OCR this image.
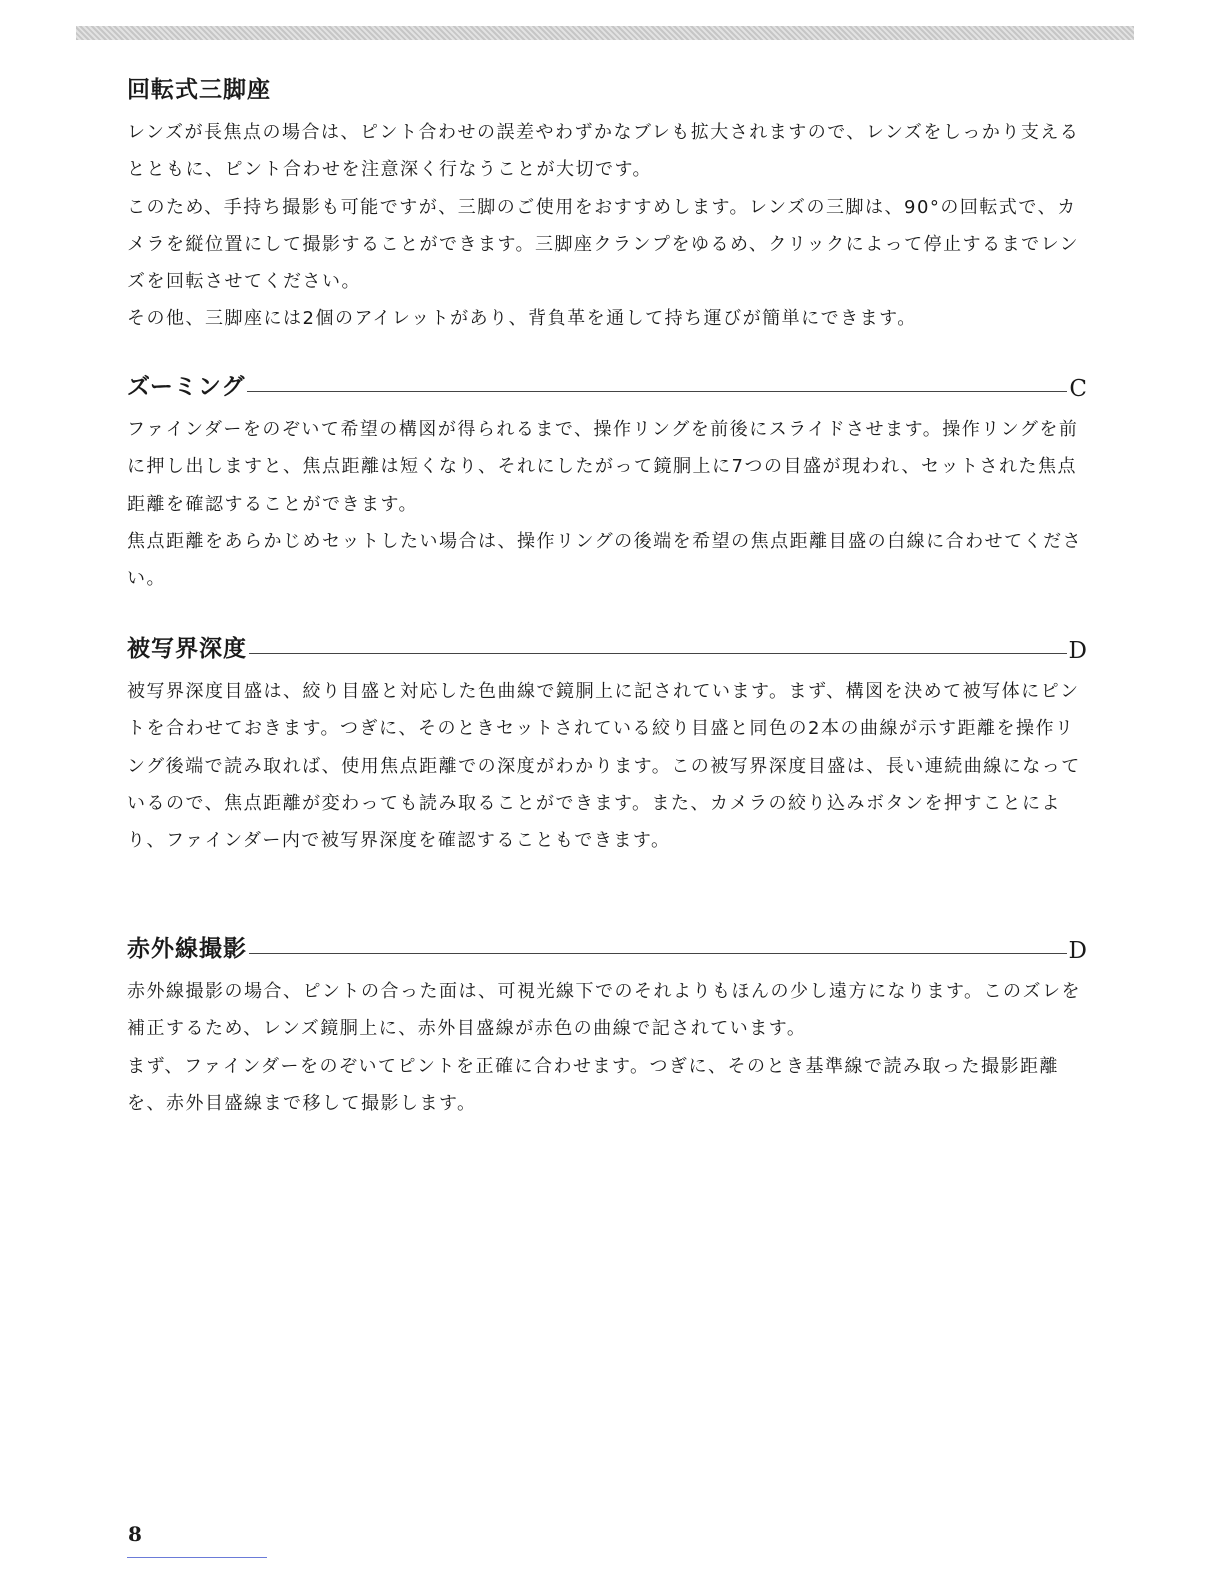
回転式三脚座

レンズが長焦点の場合は、ピント合わせの誤差やわずかなブレも拡大されますので、レンズをしっかり支えるとともに、ピント合わせを注意深く行なうことが大切です。

このため、手持ち撮影も可能ですが、三脚のご使用をおすすめします。レンズの三脚は、90°の回転式で、カメラを縦位置にして撮影することができます。三脚座クランプをゆるめ、クリックによって停止するまでレンズを回転させてください。

その他、三脚座には2個のアイレットがあり、背負革を通して持ち運びが簡単にできます。

ズーミング	C

ファインダーをのぞいて希望の構図が得られるまで、操作リングを前後にスライドさせます。操作リングを前に押し出しますと、焦点距離は短くなり、それにしたがって鏡胴上に7つの目盛が現われ、セットされた焦点距離を確認することができます。

焦点距離をあらかじめセットしたい場合は、操作リングの後端を希望の焦点距離目盛の白線に合わせてください。

被写界深度	D

被写界深度目盛は、絞り目盛と対応した色曲線で鏡胴上に記されています。まず、構図を決めて被写体にピントを合わせておきます。つぎに、そのときセットされている絞り目盛と同色の2本の曲線が示す距離を操作リング後端で読み取れば、使用焦点距離での深度がわかります。この被写界深度目盛は、長い連続曲線になっているので、焦点距離が変わっても読み取ることができます。また、カメラの絞り込みボタンを押すことにより、ファインダー内で被写界深度を確認することもできます。

赤外線撮影	D

赤外線撮影の場合、ピントの合った面は、可視光線下でのそれよりもほんの少し遠方になります。このズレを補正するため、レンズ鏡胴上に、赤外目盛線が赤色の曲線で記されています。

まず、ファインダーをのぞいてピントを正確に合わせます。つぎに、そのとき基準線で読み取った撮影距離を、赤外目盛線まで移して撮影します。

8
